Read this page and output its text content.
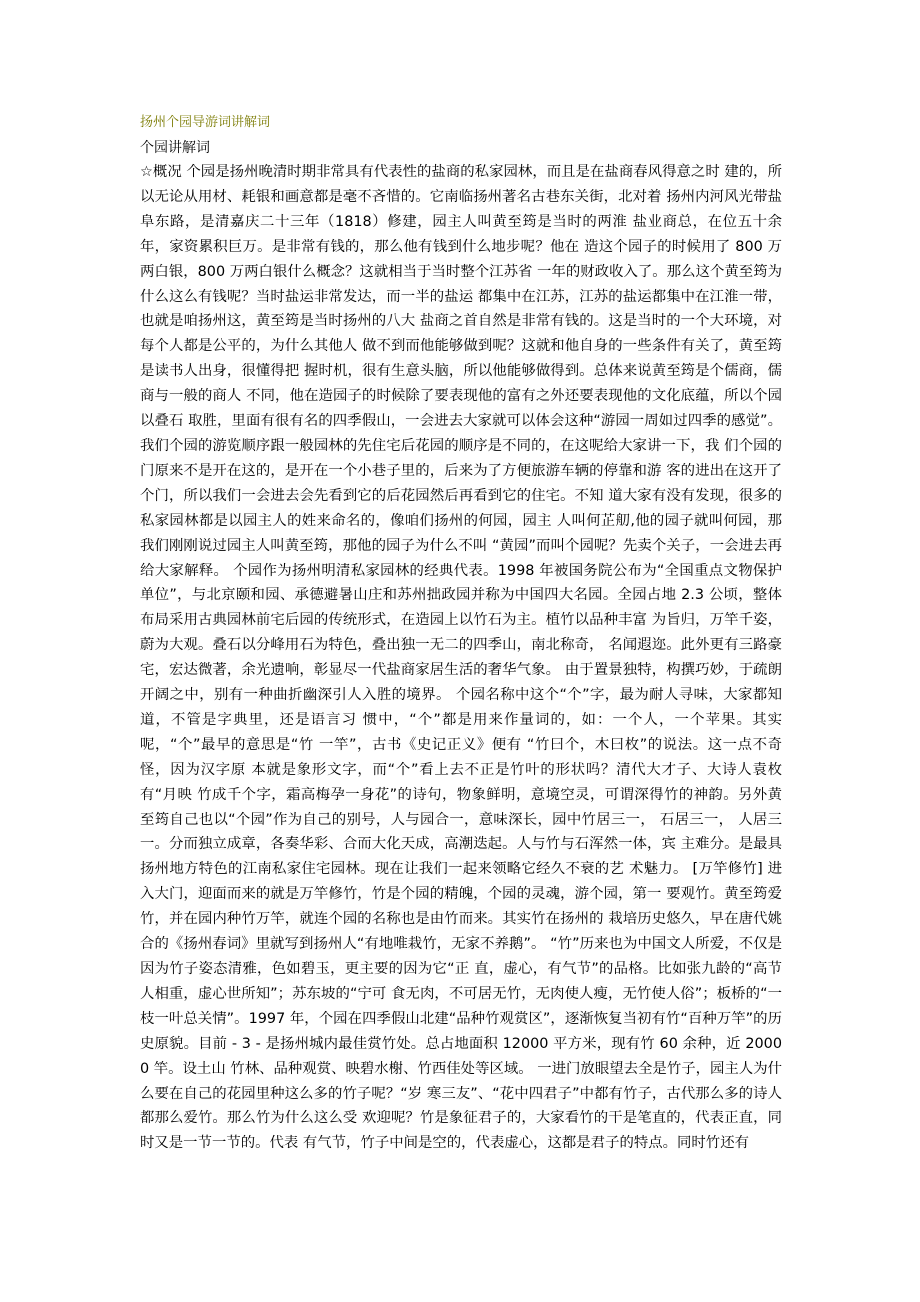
扬州个园导游词讲解词
个园讲解词
☆概况 个园是扬州晚清时期非常具有代表性的盐商的私家园林，而且是在盐商春风得意之时 建的，所以无论从用材、耗银和画意都是毫不吝惜的。它南临扬州著名古巷东关街，北对着 扬州内河风光带盐阜东路，是清嘉庆二十三年（1818）修建，园主人叫黄至筠是当时的两淮 盐业商总，在位五十余年，家资累积巨万。是非常有钱的，那么他有钱到什么地步呢？他在 造这个园子的时候用了 800 万两白银，800 万两白银什么概念？这就相当于当时整个江苏省 一年的财政收入了。那么这个黄至筠为什么这么有钱呢？当时盐运非常发达，而一半的盐运 都集中在江苏，江苏的盐运都集中在江淮一带，也就是咱扬州这，黄至筠是当时扬州的八大 盐商之首自然是非常有钱的。这是当时的一个大环境，对每个人都是公平的，为什么其他人 做不到而他能够做到呢？这就和他自身的一些条件有关了，黄至筠是读书人出身，很懂得把 握时机，很有生意头脑，所以他能够做得到。总体来说黄至筠是个儒商，儒商与一般的商人 不同，他在造园子的时候除了要表现他的富有之外还要表现他的文化底蕴，所以个园以叠石 取胜，里面有很有名的四季假山，一会进去大家就可以体会这种“游园一周如过四季的感觉”。 我们个园的游览顺序跟一般园林的先住宅后花园的顺序是不同的，在这呢给大家讲一下，我 们个园的门原来不是开在这的，是开在一个小巷子里的，后来为了方便旅游车辆的停靠和游 客的进出在这开了个门，所以我们一会进去会先看到它的后花园然后再看到它的住宅。不知 道大家有没有发现，很多的私家园林都是以园主人的姓来命名的，像咱们扬州的何园，园主 人叫何芷舠,他的园子就叫何园，那我们刚刚说过园主人叫黄至筠，那他的园子为什么不叫 “黄园”而叫个园呢？先卖个关子，一会进去再给大家解释。 个园作为扬州明清私家园林的经典代表。1998 年被国务院公布为“全国重点文物保护 单位”，与北京颐和园、承德避暑山庄和苏州拙政园并称为中国四大名园。全园占地 2.3 公顷，整体布局采用古典园林前宅后园的传统形式，在造园上以竹石为主。植竹以品种丰富 为旨归，万竿千姿，蔚为大观。叠石以分峰用石为特色，叠出独一无二的四季山，南北称奇， 名闻遐迩。此外更有三路豪宅，宏达微著，余光遗响，彰显尽一代盐商家居生活的奢华气象。 由于置景独特，构撰巧妙，于疏朗开阔之中，别有一种曲折幽深引人入胜的境界。 个园名称中这个“个”字，最为耐人寻味，大家都知道，不管是字典里，还是语言习 惯中，“个”都是用来作量词的，如：一个人，一个苹果。其实呢，“个”最早的意思是“竹 一竿”，古书《史记正义》便有 “竹曰个，木曰枚”的说法。这一点不奇怪，因为汉字原 本就是象形文字，而“个”看上去不正是竹叶的形状吗？清代大才子、大诗人袁枚有“月映 竹成千个字，霜高梅孕一身花”的诗句，物象鲜明，意境空灵，可谓深得竹的神韵。另外黄 至筠自己也以“个园”作为自己的别号，人与园合一，意味深长，园中竹居三一， 石居三一， 人居三一。分而独立成章，各奏华彩、合而大化天成，高潮迭起。人与竹与石浑然一体，宾 主难分。是最具扬州地方特色的江南私家住宅园林。现在让我们一起来领略它经久不衰的艺 术魅力。 [万竿修竹] 进入大门，迎面而来的就是万竿修竹，竹是个园的精魄，个园的灵魂，游个园，第一 要观竹。黄至筠爱竹，并在园内种竹万竿，就连个园的名称也是由竹而来。其实竹在扬州的 栽培历史悠久，早在唐代姚合的《扬州春词》里就写到扬州人“有地唯栽竹，无家不养鹅”。 “竹”历来也为中国文人所爱，不仅是因为竹子姿态清雅，色如碧玉，更主要的因为它“正 直，虚心，有气节”的品格。比如张九龄的“高节人相重，虚心世所知”；苏东坡的“宁可 食无肉，不可居无竹，无肉使人瘦，无竹使人俗”；板桥的“一枝一叶总关情”。1997 年，个园在四季假山北建“品种竹观赏区”，逐渐恢复当初有竹“百种万竿”的历史原貌。目前 - 3 - 是扬州城内最佳赏竹处。总占地面积 12000 平方米，现有竹 60 余种，近 20000 竿。设土山 竹林、品种观赏、映碧水榭、竹西佳处等区域。 一进门放眼望去全是竹子，园主人为什么要在自己的花园里种这么多的竹子呢？“岁 寒三友”、“花中四君子”中都有竹子，古代那么多的诗人都那么爱竹。那么竹为什么这么受 欢迎呢？竹是象征君子的，大家看竹的干是笔直的，代表正直，同时又是一节一节的。代表 有气节，竹子中间是空的，代表虚心，这都是君子的特点。同时竹还有
